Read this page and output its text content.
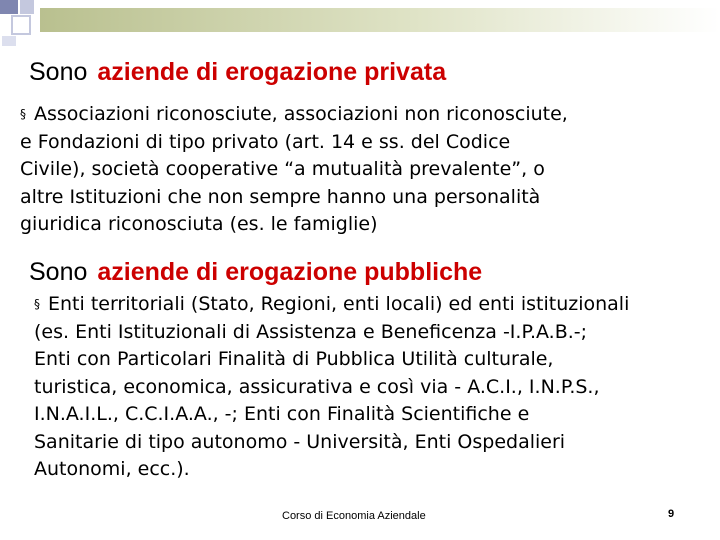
Sono aziende di erogazione privata
§ Associazioni riconosciute, associazioni non riconosciute,
e Fondazioni di tipo privato (art. 14 e ss. del Codice
Civile), società cooperative “a mutualità prevalente”, o
altre Istituzioni che non sempre hanno una personalità
giuridica riconosciuta (es. le famiglie)
Sono aziende di erogazione pubbliche
§ Enti territoriali (Stato, Regioni, enti locali) ed enti istituzionali
(es. Enti Istituzionali di Assistenza e Beneficenza -I.P.A.B.-;
Enti con Particolari Finalità di Pubblica Utilità culturale,
turistica, economica, assicurativa e così via - A.C.I., I.N.P.S.,
I.N.A.I.L., C.C.I.A.A., -; Enti con Finalità Scientifiche e
Sanitarie di tipo autonomo - Università, Enti Ospedalieri
Autonomi, ecc.).
Corso di Economia Aziendale	9
